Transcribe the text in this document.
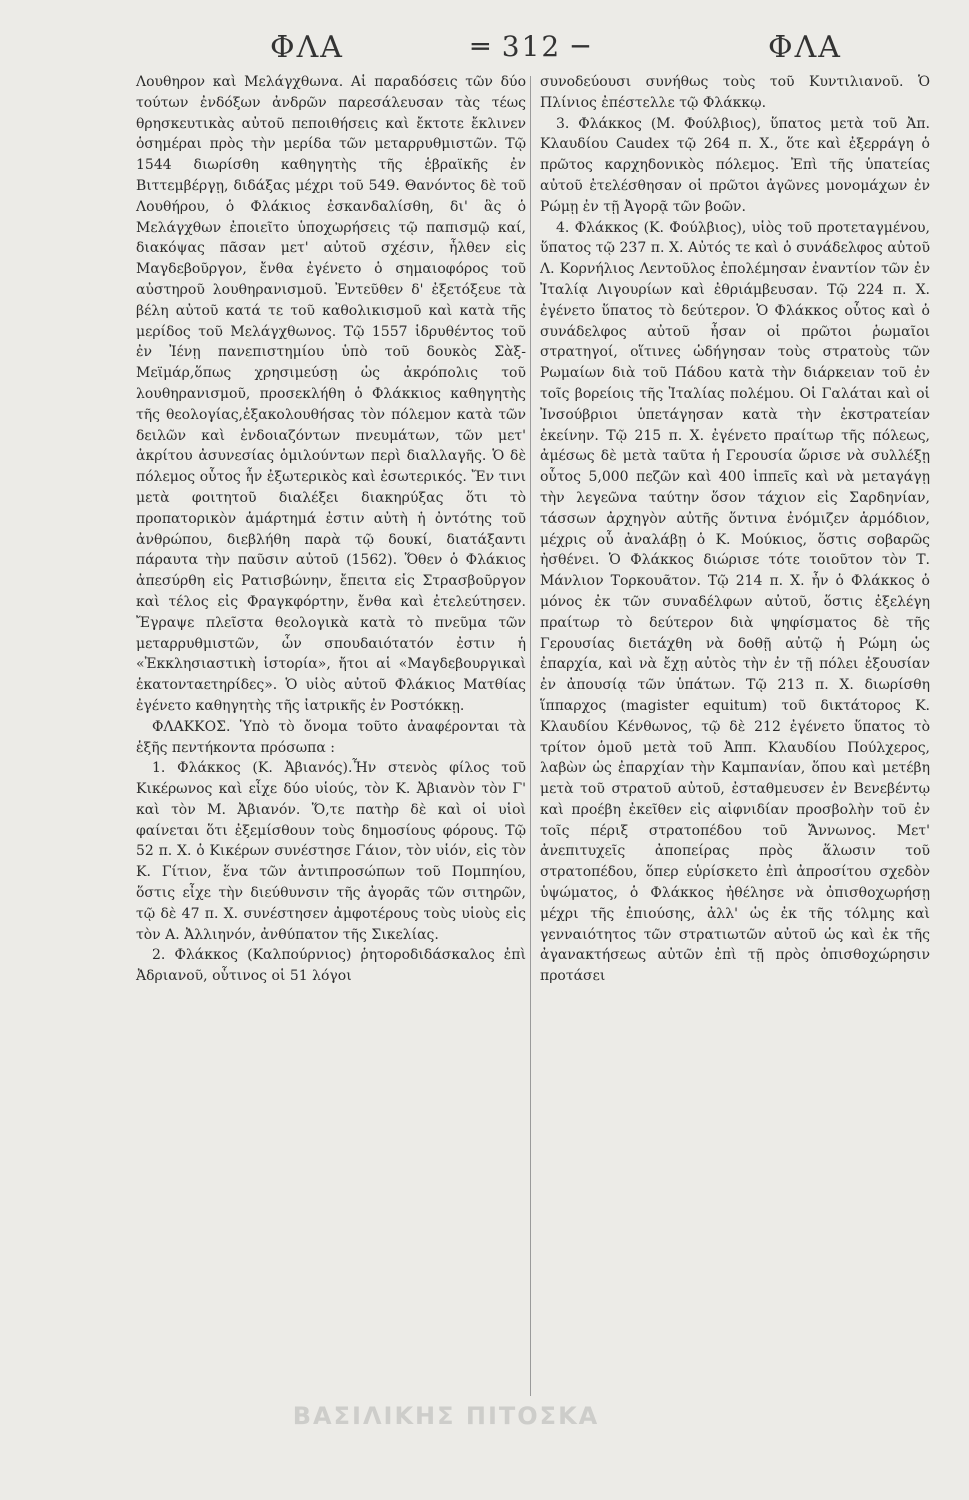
ΦΛΑ	═ 312 ─	ΦΛΑ

Λουθηρον καὶ Μελάγχθωνα. Αἱ παραδόσεις τῶν δύο τούτων ἐνδόξων ἀνδρῶν παρεσάλευσαν τὰς τέως θρησκευτικὰς αὐτοῦ πεποιθήσεις καὶ ἔκτοτε ἔκλινεν ὁσημέραι πρὸς τὴν μερίδα τῶν μεταρρυθμιστῶν. Τῷ 1544 διωρίσθη καθηγητὴς τῆς ἑβραϊκῆς ἐν Βιττεμβέργῃ, διδάξας μέχρι τοῦ 549. Θανόντος δὲ τοῦ Λουθήρου, ὁ Φλάκιος ἐσκανδαλίσθη, δι' ἃς ὁ Μελάγχθων ἐποιεῖτο ὑποχωρήσεις τῷ παπισμῷ καί, διακόψας πᾶσαν μετ' αὐτοῦ σχέσιν, ἦλθεν εἰς Μαγδεβοῦργον, ἔνθα ἐγένετο ὁ σημαιοφόρος τοῦ αὐστηροῦ λουθηρανισμοῦ. Ἐντεῦθεν δ' ἐξετόξευε τὰ βέλη αὐτοῦ κατά τε τοῦ καθολικισμοῦ καὶ κατὰ τῆς μερίδος τοῦ Μελάγχθωνος. Τῷ 1557 ἱδρυθέντος τοῦ ἐν Ἰένῃ πανεπιστημίου ὑπὸ τοῦ δουκὸς Σὰξ-Μεϊμάρ,ὅπως χρησιμεύσῃ ὡς ἀκρόπολις τοῦ λουθηρανισμοῦ, προσεκλήθη ὁ Φλάκκιος καθηγητὴς τῆς θεολογίας,ἐξακολουθήσας τὸν πόλεμον κατὰ τῶν δειλῶν καὶ ἐνδοιαζόντων πνευμάτων, τῶν μετ' ἀκρίτου ἀσυνεσίας ὁμιλούντων περὶ διαλλαγῆς. Ὁ δὲ πόλεμος οὗτος ἦν ἐξωτερικὸς καὶ ἐσωτερικός. Ἔν τινι μετὰ φοιτητοῦ διαλέξει διακηρύξας ὅτι τὸ προπατορικὸν ἁμάρτημά ἐστιν αὐτὴ ἡ ὀντότης τοῦ ἀνθρώπου, διεβλήθη παρὰ τῷ δουκί, διατάξαντι πάραυτα τὴν παῦσιν αὐτοῦ (1562). Ὅθεν ὁ Φλάκιος ἀπεσύρθη εἰς Ρατισβώνην, ἔπειτα εἰς Στρασβοῦργον καὶ τέλος εἰς Φραγκφόρτην, ἔνθα καὶ ἐτελεύτησεν. Ἔγραψε πλεῖστα θεολογικὰ κατὰ τὸ πνεῦμα τῶν μεταρρυθμιστῶν, ὧν σπουδαιότατόν ἐστιν ἡ «Ἐκκλησιαστικὴ ἱστορία», ἤτοι αἱ «Μαγδεβουργικαὶ ἑκατονταετηρίδες». Ὁ υἱὸς αὐτοῦ Φλάκιος Ματθίας ἐγένετο καθηγητὴς τῆς ἰατρικῆς ἐν Ροστόκκῃ.

ΦΛΑΚΚΟΣ. Ὑπὸ τὸ ὄνομα τοῦτο ἀναφέρονται τὰ ἑξῆς πεντήκοντα πρόσωπα :

1. Φλάκκος (Κ. Ἀβιανός).Ἦν στενὸς φίλος τοῦ Κικέρωνος καὶ εἶχε δύο υἱούς, τὸν Κ. Ἀβιανὸν τὸν Γ' καὶ τὸν Μ. Ἀβιανόν. Ὅ,τε πατὴρ δὲ καὶ οἱ υἱοὶ φαίνεται ὅτι ἐξεμίσθουν τοὺς δημοσίους φόρους. Τῷ 52 π. Χ. ὁ Κικέρων συνέστησε Γάιον, τὸν υἱόν, εἰς τὸν Κ. Γίτιον, ἕνα τῶν ἀντιπροσώπων τοῦ Πομπηίου, ὅστις εἶχε τὴν διεύθυνσιν τῆς ἀγορᾶς τῶν σιτηρῶν, τῷ δὲ 47 π. Χ. συνέστησεν ἀμφοτέρους τοὺς υἱοὺς εἰς τὸν Α. Ἀλλιηνόν, ἀνθύπατον τῆς Σικελίας.

2. Φλάκκος (Καλπούρνιος) ῥητοροδιδάσκαλος ἐπὶ Ἀδριανοῦ, οὗτινος οἱ 51 λόγοι

συνοδεύουσι συνήθως τοὺς τοῦ Κυντιλιανοῦ. Ὁ Πλίνιος ἐπέστελλε τῷ Φλάκκῳ.

3. Φλάκκος (Μ. Φούλβιος), ὕπατος μετὰ τοῦ Ἀπ. Κλαυδίου Caudex τῷ 264 π. Χ., ὅτε καὶ ἐξερράγη ὁ πρῶτος καρχηδονικὸς πόλεμος. Ἐπὶ τῆς ὑπατείας αὐτοῦ ἐτελέσθησαν οἱ πρῶτοι ἀγῶνες μονομάχων ἐν Ρώμῃ ἐν τῇ Ἀγορᾷ τῶν βοῶν.

4. Φλάκκος (Κ. Φούλβιος), υἱὸς τοῦ προτεταγμένου, ὕπατος τῷ 237 π. Χ. Αὐτός τε καὶ ὁ συνάδελφος αὐτοῦ Λ. Κορνήλιος Λεντοῦλος ἐπολέμησαν ἐναντίον τῶν ἐν Ἰταλίᾳ Λιγουρίων καὶ ἐθριάμβευσαν. Τῷ 224 π. Χ. ἐγένετο ὕπατος τὸ δεύτερον. Ὁ Φλάκκος οὗτος καὶ ὁ συνάδελφος αὐτοῦ ἦσαν οἱ πρῶτοι ῥωμαῖοι στρατηγοί, οἵτινες ὡδήγησαν τοὺς στρατοὺς τῶν Ρωμαίων διὰ τοῦ Πάδου κατὰ τὴν διάρκειαν τοῦ ἐν τοῖς βορείοις τῆς Ἰταλίας πολέμου. Οἱ Γαλάται καὶ οἱ Ἰνσούβριοι ὑπετάγησαν κατὰ τὴν ἐκστρατείαν ἐκείνην. Τῷ 215 π. Χ. ἐγένετο πραίτωρ τῆς πόλεως, ἀμέσως δὲ μετὰ ταῦτα ἡ Γερουσία ὥρισε νὰ συλλέξῃ οὗτος 5,000 πεζῶν καὶ 400 ἱππεῖς καὶ νὰ μεταγάγῃ τὴν λεγεῶνα ταύτην ὅσον τάχιον εἰς Σαρδηνίαν, τάσσων ἀρχηγὸν αὐτῆς ὅντινα ἐνόμιζεν ἁρμόδιον, μέχρις οὗ ἀναλάβῃ ὁ Κ. Μούκιος, ὅστις σοβαρῶς ἠσθένει. Ὁ Φλάκκος διώρισε τότε τοιοῦτον τὸν Τ. Μάνλιον Τορκουᾶτον. Τῷ 214 π. Χ. ἦν ὁ Φλάκκος ὁ μόνος ἐκ τῶν συναδέλφων αὐτοῦ, ὅστις ἐξελέγη πραίτωρ τὸ δεύτερον διὰ ψηφίσματος δὲ τῆς Γερουσίας διετάχθη νὰ δοθῇ αὐτῷ ἡ Ρώμη ὡς ἐπαρχία, καὶ νὰ ἔχῃ αὐτὸς τὴν ἐν τῇ πόλει ἐξουσίαν ἐν ἀπουσίᾳ τῶν ὑπάτων. Τῷ 213 π. Χ. διωρίσθη ἵππαρχος (magister equitum) τοῦ δικτάτορος Κ. Κλαυδίου Κένθωνος, τῷ δὲ 212 ἐγένετο ὕπατος τὸ τρίτον ὁμοῦ μετὰ τοῦ Ἀππ. Κλαυδίου Πούλχερος, λαβὼν ὡς ἐπαρχίαν τὴν Καμπανίαν, ὅπου καὶ μετέβη μετὰ τοῦ στρατοῦ αὐτοῦ, ἐσταθμευσεν ἐν Βενεβέντῳ καὶ προέβη ἐκεῖθεν εἰς αἰφνιδίαν προσβολὴν τοῦ ἐν τοῖς πέριξ στρατοπέδου τοῦ Ἄννωνος. Μετ' ἀνεπιτυχεῖς ἀποπείρας πρὸς ἅλωσιν τοῦ στρατοπέδου, ὅπερ εὑρίσκετο ἐπὶ ἀπροσίτου σχεδὸν ὑψώματος, ὁ Φλάκκος ἠθέλησε νὰ ὀπισθοχωρήσῃ μέχρι τῆς ἐπιούσης, ἀλλ' ὡς ἐκ τῆς τόλμης καὶ γενναιότητος τῶν στρατιωτῶν αὐτοῦ ὡς καὶ ἐκ τῆς ἀγανακτήσεως αὐτῶν ἐπὶ τῇ πρὸς ὀπισθοχώρησιν προτάσει

ΒΑΣΙΛΙΚΗΣ ΠΙΤΟΣΚΑ
